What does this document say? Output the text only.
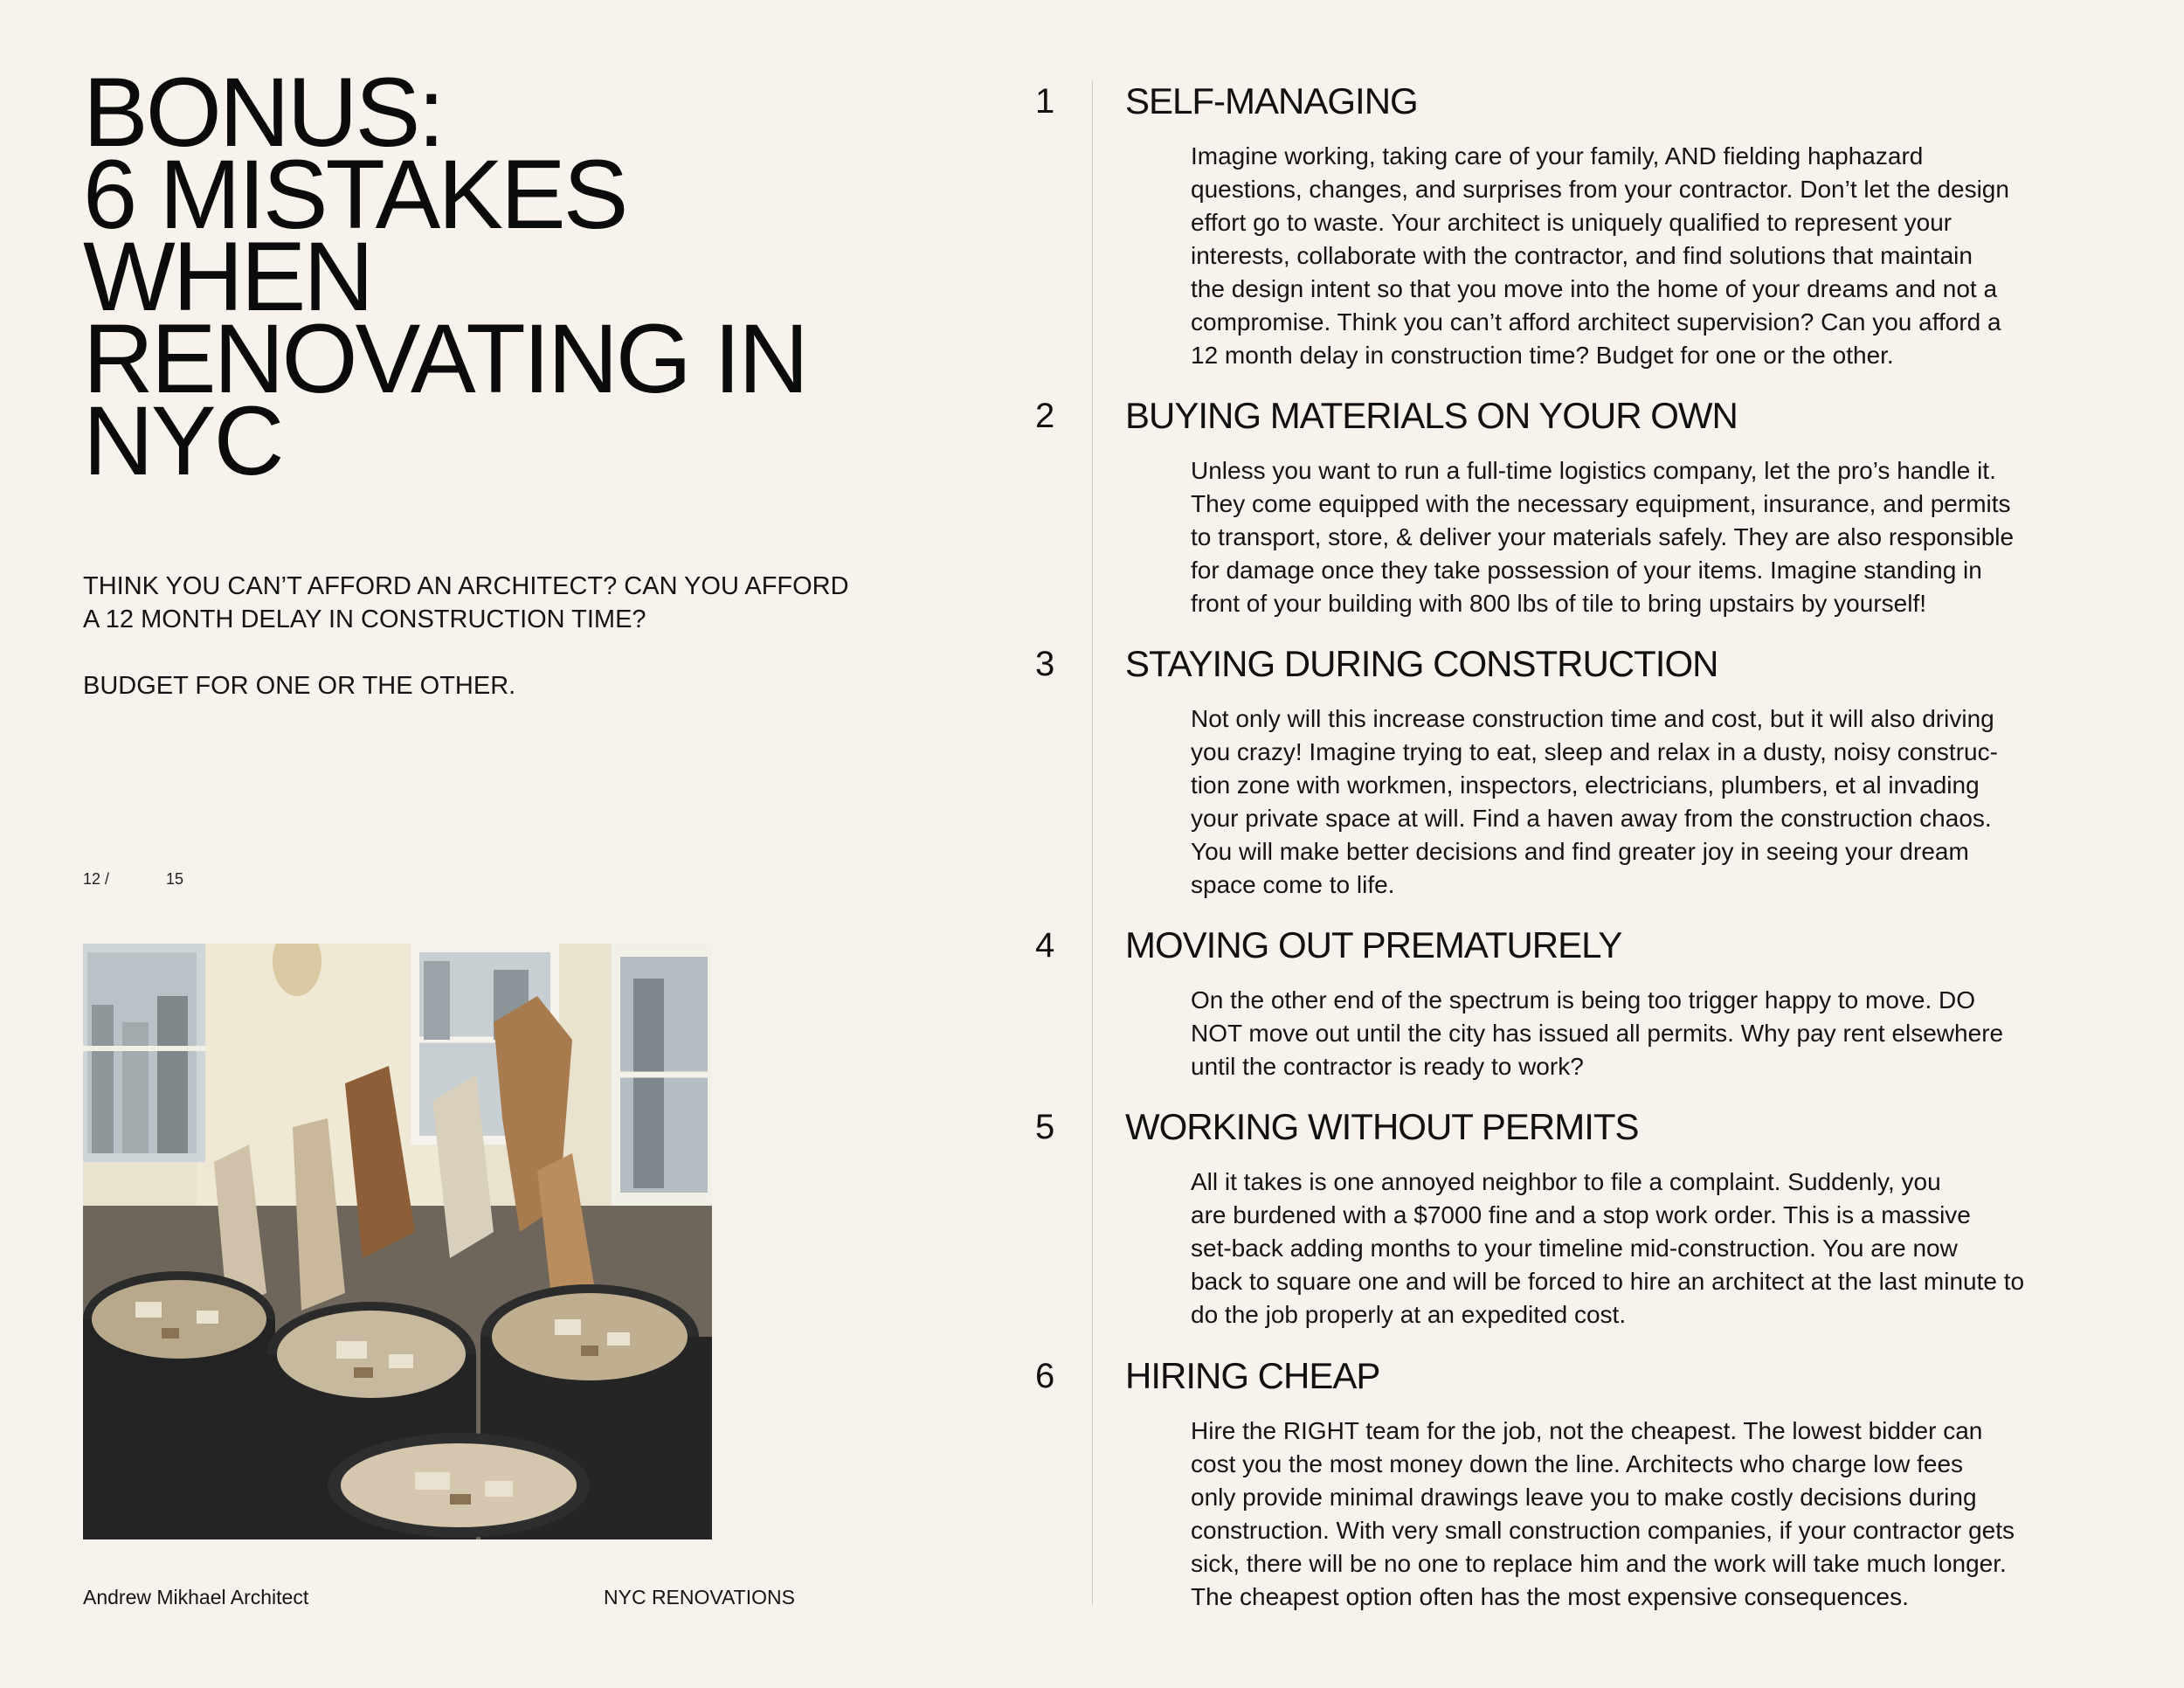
BONUS:
6 MISTAKES
WHEN
RENOVATING IN
NYC

THINK YOU CAN’T AFFORD AN ARCHITECT? CAN YOU AFFORD A 12 MONTH DELAY IN CONSTRUCTION TIME?

BUDGET FOR ONE OR THE OTHER.

12 /	15
Andrew Mikhael Architect	NYC RENOVATIONS
1	SELF-MANAGING
Imagine working, taking care of your family, AND fielding haphazard
questions, changes, and surprises from your contractor. Don’t let the design
effort go to waste. Your architect is uniquely qualified to represent your
interests, collaborate with the contractor, and find solutions that maintain
the design intent so that you move into the home of your dreams and not a
compromise. Think you can’t afford architect supervision? Can you afford a
12 month delay in construction time? Budget for one or the other.
2	BUYING MATERIALS ON YOUR OWN
Unless you want to run a full-time logistics company, let the pro’s handle it.
They come equipped with the necessary equipment, insurance, and permits
to transport, store, & deliver your materials safely. They are also responsible
for damage once they take possession of your items. Imagine standing in
front of your building with 800 lbs of tile to bring upstairs by yourself!
3	STAYING DURING CONSTRUCTION
Not only will this increase construction time and cost, but it will also driving
you crazy! Imagine trying to eat, sleep and relax in a dusty, noisy construc-
tion zone with workmen, inspectors, electricians, plumbers, et al invading
your private space at will. Find a haven away from the construction chaos.
You will make better decisions and find greater joy in seeing your dream
space come to life.
4	MOVING OUT PREMATURELY
On the other end of the spectrum is being too trigger happy to move. DO
NOT move out until the city has issued all permits. Why pay rent elsewhere
until the contractor is ready to work?
5	WORKING WITHOUT PERMITS
All it takes is one annoyed neighbor to file a complaint. Suddenly, you
are burdened with a $7000 fine and a stop work order. This is a massive
set-back adding months to your timeline mid-construction. You are now
back to square one and will be forced to hire an architect at the last minute to
do the job properly at an expedited cost.
6	HIRING CHEAP
Hire the RIGHT team for the job, not the cheapest. The lowest bidder can
cost you the most money down the line. Architects who charge low fees
only provide minimal drawings leave you to make costly decisions during
construction. With very small construction companies, if your contractor gets
sick, there will be no one to replace him and the work will take much longer.
The cheapest option often has the most expensive consequences.
